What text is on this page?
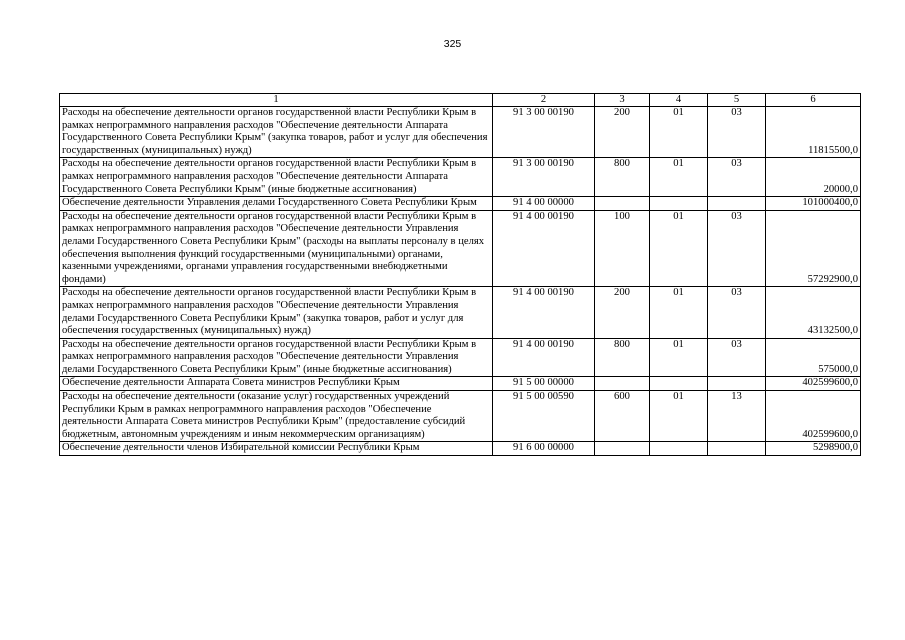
325
1	2	3	4	5	6
Расходы на обеспечение деятельности органов государственной власти Республики Крым в рамках непрограммного направления расходов "Обеспечение деятельности Аппарата Государственного Совета Республики Крым" (закупка товаров, работ и услуг для обеспечения государственных (муниципальных) нужд)	91 3 00 00190	200	01	03	11815500,0
Расходы на обеспечение деятельности органов государственной власти Республики Крым в рамках непрограммного направления расходов "Обеспечение деятельности Аппарата Государственного Совета Республики Крым" (иные бюджетные ассигнования)	91 3 00 00190	800	01	03	20000,0
Обеспечение деятельности Управления делами Государственного Совета Республики Крым	91 4 00 00000				101000400,0
Расходы на обеспечение деятельности органов государственной власти Республики Крым в рамках непрограммного направления расходов "Обеспечение деятельности Управления делами Государственного Совета Республики Крым" (расходы на выплаты персоналу в целях обеспечения выполнения функций государственными (муниципальными) органами, казенными учреждениями, органами управления государственными внебюджетными фондами)	91 4 00 00190	100	01	03	57292900,0
Расходы на обеспечение деятельности органов государственной власти Республики Крым в рамках непрограммного направления расходов "Обеспечение деятельности Управления делами Государственного Совета Республики Крым" (закупка товаров, работ и услуг для обеспечения государственных (муниципальных) нужд)	91 4 00 00190	200	01	03	43132500,0
Расходы на обеспечение деятельности органов государственной власти Республики Крым в рамках непрограммного направления расходов "Обеспечение деятельности Управления делами Государственного Совета Республики Крым" (иные бюджетные ассигнования)	91 4 00 00190	800	01	03	575000,0
Обеспечение деятельности Аппарата Совета министров Республики Крым	91 5 00 00000				402599600,0
Расходы на обеспечение деятельности (оказание услуг) государственных учреждений Республики Крым в рамках непрограммного направления расходов "Обеспечение деятельности Аппарата Совета министров Республики Крым" (предоставление субсидий бюджетным, автономным учреждениям и иным некоммерческим организациям)	91 5 00 00590	600	01	13	402599600,0
Обеспечение деятельности членов Избирательной комиссии Республики Крым	91 6 00 00000				5298900,0
